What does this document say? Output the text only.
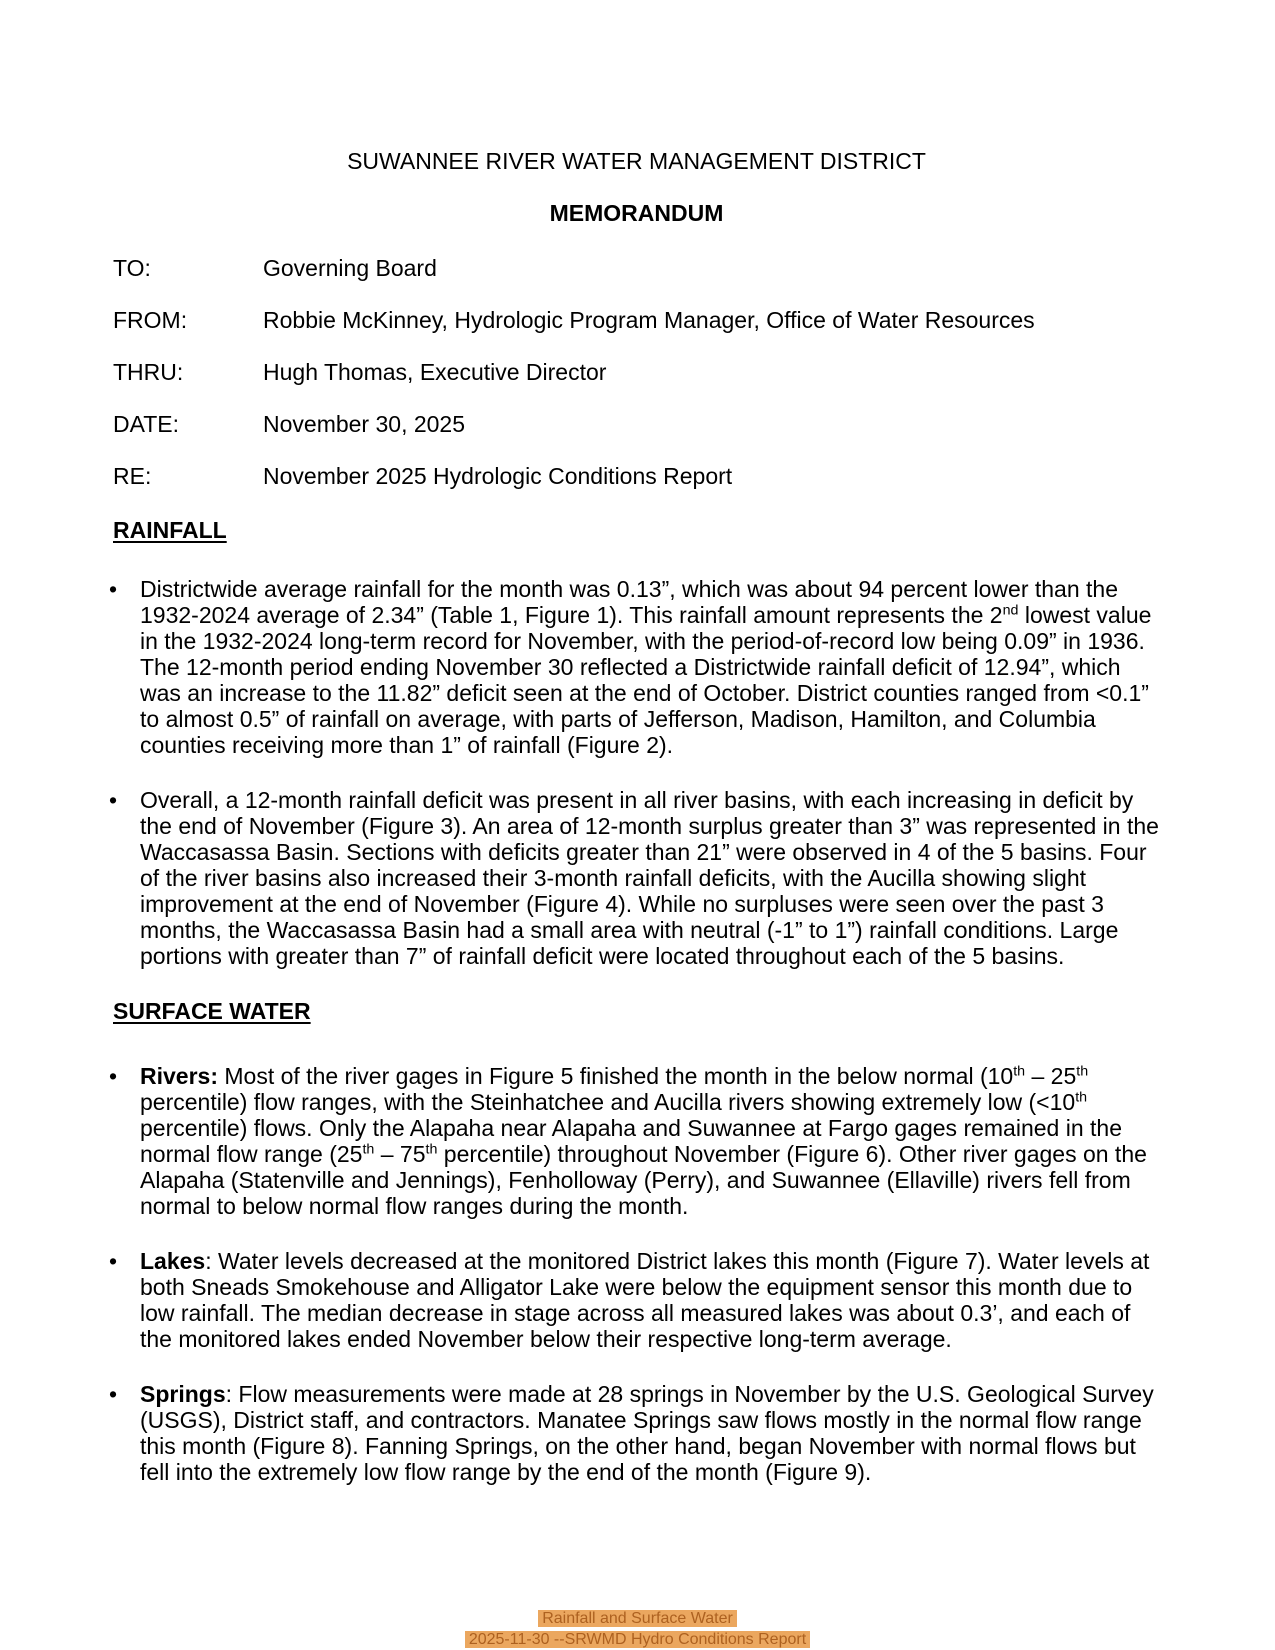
SUWANNEE RIVER WATER MANAGEMENT DISTRICT
MEMORANDUM
TO:	Governing Board
FROM:	Robbie McKinney, Hydrologic Program Manager, Office of Water Resources
THRU:	Hugh Thomas, Executive Director
DATE:	November 30, 2025
RE:	November 2025 Hydrologic Conditions Report
RAINFALL
• Districtwide average rainfall for the month was 0.13”, which was about 94 percent lower than the 1932-2024 average of 2.34” (Table 1, Figure 1). This rainfall amount represents the 2nd lowest value in the 1932-2024 long-term record for November, with the period-of-record low being 0.09” in 1936. The 12-month period ending November 30 reflected a Districtwide rainfall deficit of 12.94”, which was an increase to the 11.82” deficit seen at the end of October. District counties ranged from <0.1” to almost 0.5” of rainfall on average, with parts of Jefferson, Madison, Hamilton, and Columbia counties receiving more than 1” of rainfall (Figure 2).
• Overall, a 12-month rainfall deficit was present in all river basins, with each increasing in deficit by the end of November (Figure 3). An area of 12-month surplus greater than 3” was represented in the Waccasassa Basin. Sections with deficits greater than 21” were observed in 4 of the 5 basins. Four of the river basins also increased their 3-month rainfall deficits, with the Aucilla showing slight improvement at the end of November (Figure 4). While no surpluses were seen over the past 3 months, the Waccasassa Basin had a small area with neutral (-1” to 1”) rainfall conditions. Large portions with greater than 7” of rainfall deficit were located throughout each of the 5 basins.
SURFACE WATER
• Rivers: Most of the river gages in Figure 5 finished the month in the below normal (10th – 25th percentile) flow ranges, with the Steinhatchee and Aucilla rivers showing extremely low (<10th percentile) flows. Only the Alapaha near Alapaha and Suwannee at Fargo gages remained in the normal flow range (25th – 75th percentile) throughout November (Figure 6). Other river gages on the Alapaha (Statenville and Jennings), Fenholloway (Perry), and Suwannee (Ellaville) rivers fell from normal to below normal flow ranges during the month.
• Lakes: Water levels decreased at the monitored District lakes this month (Figure 7). Water levels at both Sneads Smokehouse and Alligator Lake were below the equipment sensor this month due to low rainfall. The median decrease in stage across all measured lakes was about 0.3’, and each of the monitored lakes ended November below their respective long-term average.
• Springs: Flow measurements were made at 28 springs in November by the U.S. Geological Survey (USGS), District staff, and contractors. Manatee Springs saw flows mostly in the normal flow range this month (Figure 8). Fanning Springs, on the other hand, began November with normal flows but fell into the extremely low flow range by the end of the month (Figure 9).
Rainfall and Surface Water
2025-11-30 --SRWMD Hydro Conditions Report
